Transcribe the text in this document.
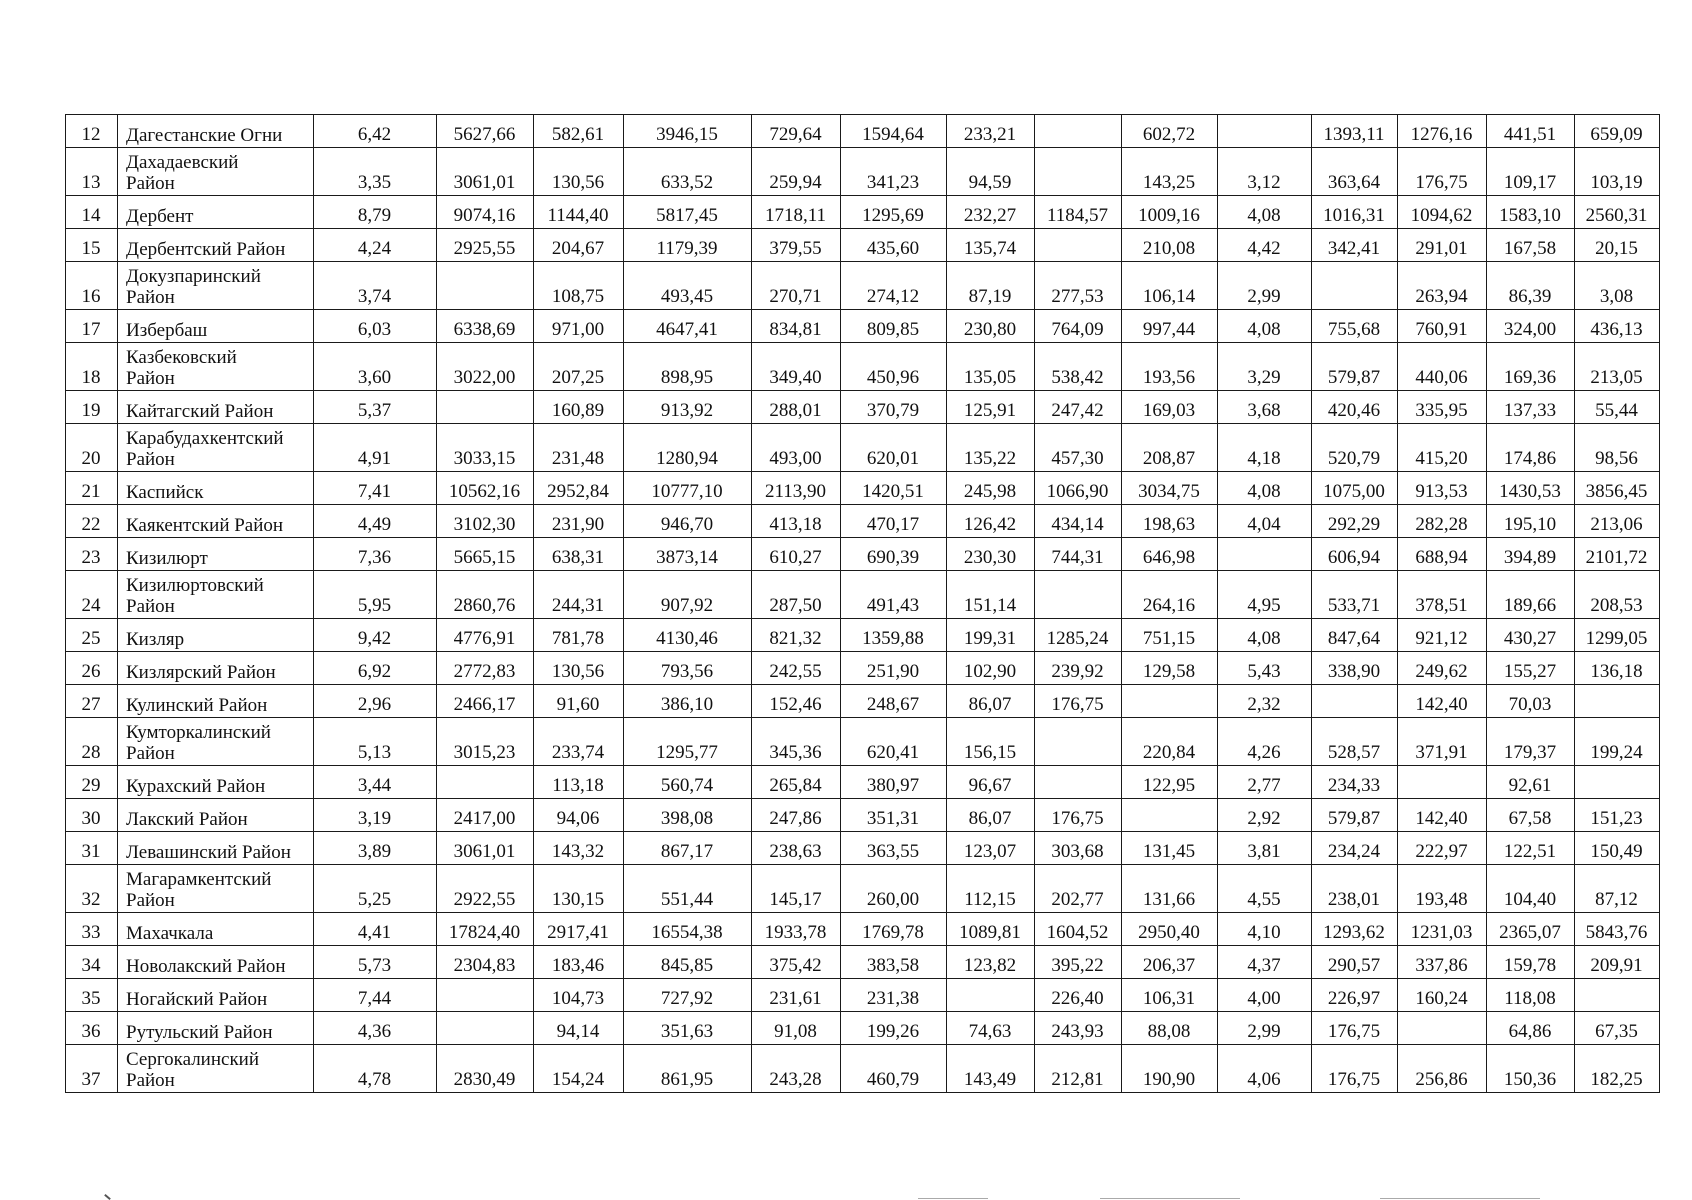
12	Дагестанские Огни	6,42	5627,66	582,61	3946,15	729,64	1594,64	233,21		602,72		1393,11	1276,16	441,51	659,09
13	Дахадаевский Район	3,35	3061,01	130,56	633,52	259,94	341,23	94,59		143,25	3,12	363,64	176,75	109,17	103,19
14	Дербент	8,79	9074,16	1144,40	5817,45	1718,11	1295,69	232,27	1184,57	1009,16	4,08	1016,31	1094,62	1583,10	2560,31
15	Дербентский Район	4,24	2925,55	204,67	1179,39	379,55	435,60	135,74		210,08	4,42	342,41	291,01	167,58	20,15
16	Докузпаринский Район	3,74		108,75	493,45	270,71	274,12	87,19	277,53	106,14	2,99		263,94	86,39	3,08
17	Избербаш	6,03	6338,69	971,00	4647,41	834,81	809,85	230,80	764,09	997,44	4,08	755,68	760,91	324,00	436,13
18	Казбековский Район	3,60	3022,00	207,25	898,95	349,40	450,96	135,05	538,42	193,56	3,29	579,87	440,06	169,36	213,05
19	Кайтагский Район	5,37		160,89	913,92	288,01	370,79	125,91	247,42	169,03	3,68	420,46	335,95	137,33	55,44
20	Карабудахкентский Район	4,91	3033,15	231,48	1280,94	493,00	620,01	135,22	457,30	208,87	4,18	520,79	415,20	174,86	98,56
21	Каспийск	7,41	10562,16	2952,84	10777,10	2113,90	1420,51	245,98	1066,90	3034,75	4,08	1075,00	913,53	1430,53	3856,45
22	Каякентский Район	4,49	3102,30	231,90	946,70	413,18	470,17	126,42	434,14	198,63	4,04	292,29	282,28	195,10	213,06
23	Кизилюрт	7,36	5665,15	638,31	3873,14	610,27	690,39	230,30	744,31	646,98		606,94	688,94	394,89	2101,72
24	Кизилюртовский Район	5,95	2860,76	244,31	907,92	287,50	491,43	151,14		264,16	4,95	533,71	378,51	189,66	208,53
25	Кизляр	9,42	4776,91	781,78	4130,46	821,32	1359,88	199,31	1285,24	751,15	4,08	847,64	921,12	430,27	1299,05
26	Кизлярский Район	6,92	2772,83	130,56	793,56	242,55	251,90	102,90	239,92	129,58	5,43	338,90	249,62	155,27	136,18
27	Кулинский Район	2,96	2466,17	91,60	386,10	152,46	248,67	86,07	176,75		2,32		142,40	70,03	
28	Кумторкалинский Район	5,13	3015,23	233,74	1295,77	345,36	620,41	156,15		220,84	4,26	528,57	371,91	179,37	199,24
29	Курахский Район	3,44		113,18	560,74	265,84	380,97	96,67		122,95	2,77	234,33		92,61	
30	Лакский Район	3,19	2417,00	94,06	398,08	247,86	351,31	86,07	176,75		2,92	579,87	142,40	67,58	151,23
31	Левашинский Район	3,89	3061,01	143,32	867,17	238,63	363,55	123,07	303,68	131,45	3,81	234,24	222,97	122,51	150,49
32	Магарамкентский Район	5,25	2922,55	130,15	551,44	145,17	260,00	112,15	202,77	131,66	4,55	238,01	193,48	104,40	87,12
33	Махачкала	4,41	17824,40	2917,41	16554,38	1933,78	1769,78	1089,81	1604,52	2950,40	4,10	1293,62	1231,03	2365,07	5843,76
34	Новолакский Район	5,73	2304,83	183,46	845,85	375,42	383,58	123,82	395,22	206,37	4,37	290,57	337,86	159,78	209,91
35	Ногайский Район	7,44		104,73	727,92	231,61	231,38		226,40	106,31	4,00	226,97	160,24	118,08	
36	Рутульский Район	4,36		94,14	351,63	91,08	199,26	74,63	243,93	88,08	2,99	176,75		64,86	67,35
37	Сергокалинский Район	4,78	2830,49	154,24	861,95	243,28	460,79	143,49	212,81	190,90	4,06	176,75	256,86	150,36	182,25
